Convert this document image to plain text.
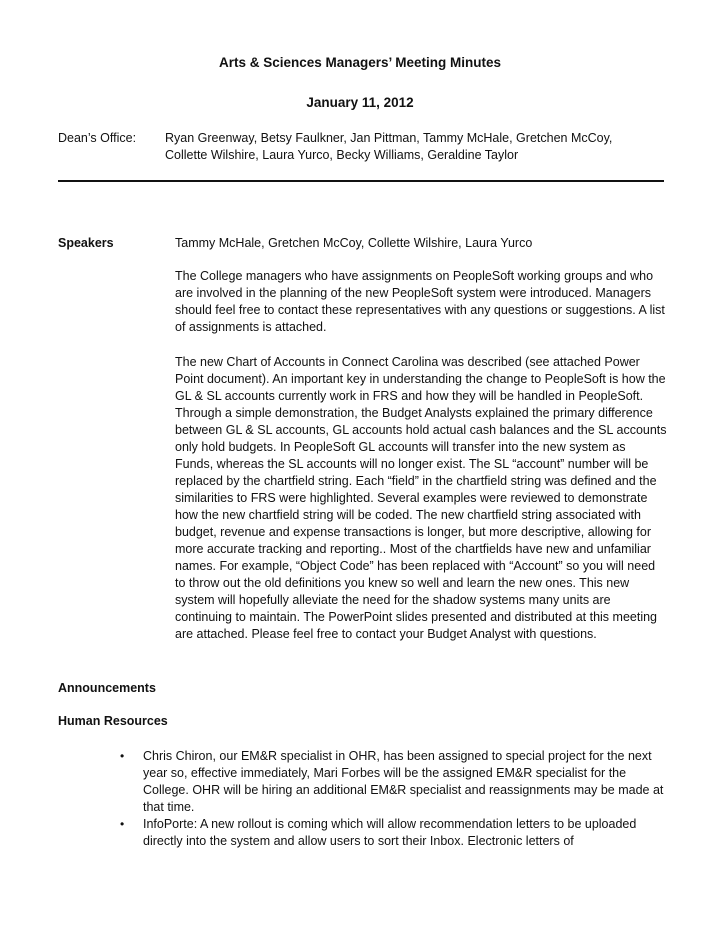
Arts & Sciences Managers’ Meeting Minutes
January 11, 2012
Dean’s Office: Ryan Greenway, Betsy Faulkner, Jan Pittman, Tammy McHale, Gretchen McCoy,
Collette Wilshire, Laura Yurco, Becky Williams, Geraldine Taylor
Speakers	Tammy McHale, Gretchen McCoy, Collette Wilshire, Laura Yurco

The College managers who have assignments on PeopleSoft working groups and who are involved in the planning of the new PeopleSoft system were introduced. Managers should feel free to contact these representatives with any questions or suggestions. A list of assignments is attached.

The new Chart of Accounts in Connect Carolina was described (see attached Power Point document). An important key in understanding the change to PeopleSoft is how the GL & SL accounts currently work in FRS and how they will be handled in PeopleSoft. Through a simple demonstration, the Budget Analysts explained the primary difference between GL & SL accounts, GL accounts hold actual cash balances and the SL accounts only hold budgets. In PeopleSoft GL accounts will transfer into the new system as Funds, whereas the SL accounts will no longer exist. The SL “account” number will be replaced by the chartfield string. Each “field” in the chartfield string was defined and the similarities to FRS were highlighted. Several examples were reviewed to demonstrate how the new chartfield string will be coded. The new chartfield string associated with budget, revenue and expense transactions is longer, but more descriptive, allowing for more accurate tracking and reporting.. Most of the chartfields have new and unfamiliar names. For example, “Object Code” has been replaced with “Account” so you will need to throw out the old definitions you knew so well and learn the new ones. This new system will hopefully alleviate the need for the shadow systems many units are continuing to maintain. The PowerPoint slides presented and distributed at this meeting are attached. Please feel free to contact your Budget Analyst with questions.

Announcements
Human Resources
• Chris Chiron, our EM&R specialist in OHR, has been assigned to special project for the next year so, effective immediately, Mari Forbes will be the assigned EM&R specialist for the College. OHR will be hiring an additional EM&R specialist and reassignments may be made at that time.
• InfoPorte: A new rollout is coming which will allow recommendation letters to be uploaded directly into the system and allow users to sort their Inbox. Electronic letters of
